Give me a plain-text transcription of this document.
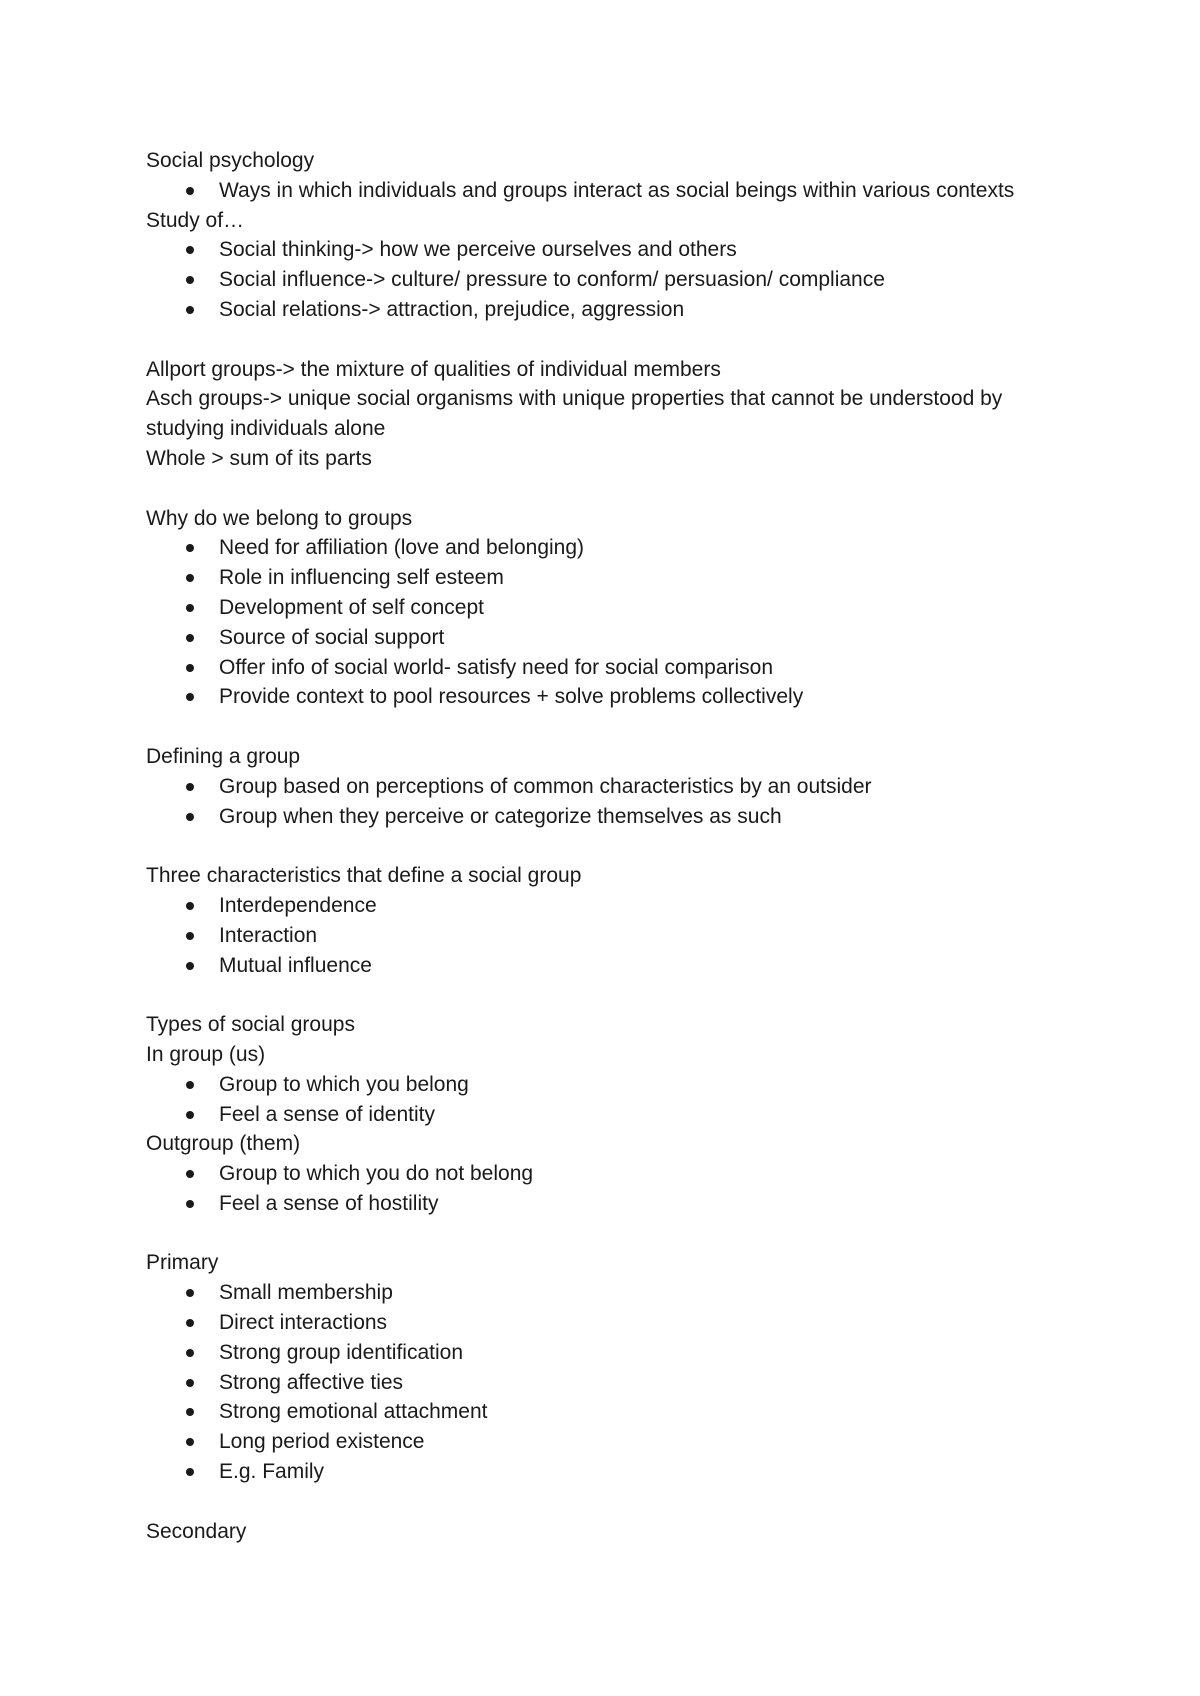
Social psychology

Ways in which individuals and groups interact as social beings within various contexts

Study of…

Social thinking-> how we perceive ourselves and others
Social influence-> culture/ pressure to conform/ persuasion/ compliance
Social relations-> attraction, prejudice, aggression

Allport groups-> the mixture of qualities of individual members

Asch groups-> unique social organisms with unique properties that cannot be understood by studying individuals alone

Whole > sum of its parts

Why do we belong to groups

Need for affiliation (love and belonging)
Role in influencing self esteem
Development of self concept
Source of social support
Offer info of social world- satisfy need for social comparison
Provide context to pool resources + solve problems collectively

Defining a group

Group based on perceptions of common characteristics by an outsider
Group when they perceive or categorize themselves as such

Three characteristics that define a social group

Interdependence
Interaction
Mutual influence

Types of social groups

In group (us)

Group to which you belong
Feel a sense of identity

Outgroup (them)

Group to which you do not belong
Feel a sense of hostility

Primary

Small membership
Direct interactions
Strong group identification
Strong affective ties
Strong emotional attachment
Long period existence
E.g. Family

Secondary
